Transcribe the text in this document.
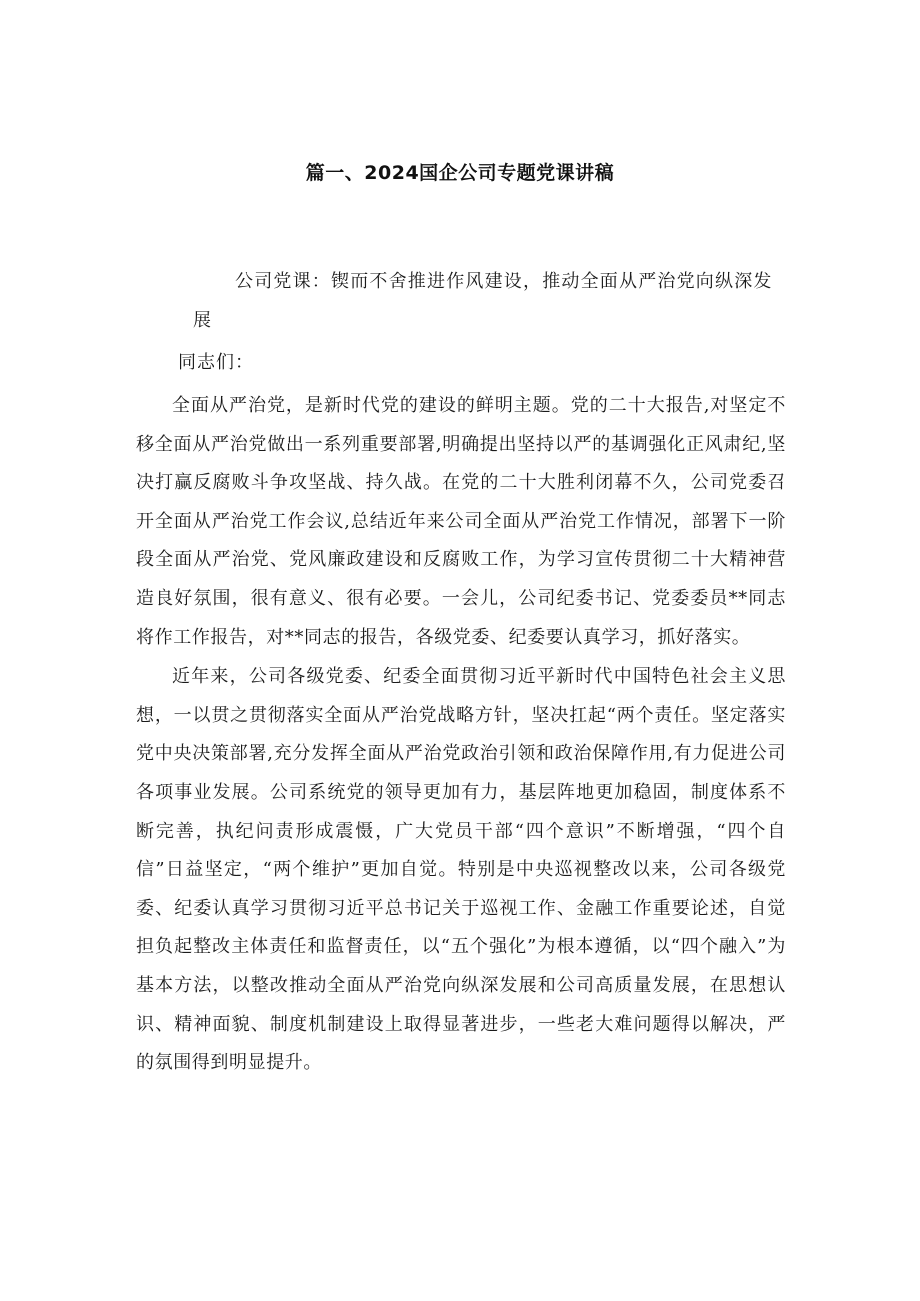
篇一、2024国企公司专题党课讲稿
公司党课：锲而不舍推进作风建设，推动全面从严治党向纵深发
展
同志们：

全面从严治党，是新时代党的建设的鲜明主题。党的二十大报告,对坚定不移全面从严治党做出一系列重要部署,明确提出坚持以严的基调强化正风肃纪,坚决打赢反腐败斗争攻坚战、持久战。在党的二十大胜利闭幕不久，公司党委召开全面从严治党工作会议,总结近年来公司全面从严治党工作情况，部署下一阶段全面从严治党、党风廉政建设和反腐败工作，为学习宣传贯彻二十大精神营造良好氛围，很有意义、很有必要。一会儿，公司纪委书记、党委委员**同志将作工作报告，对**同志的报告，各级党委、纪委要认真学习，抓好落实。

近年来，公司各级党委、纪委全面贯彻习近平新时代中国特色社会主义思想，一以贯之贯彻落实全面从严治党战略方针，坚决扛起“两个责任。坚定落实党中央决策部署,充分发挥全面从严治党政治引领和政治保障作用,有力促进公司各项事业发展。公司系统党的领导更加有力，基层阵地更加稳固，制度体系不断完善，执纪问责形成震慑，广大党员干部“四个意识”不断增强，“四个自信”日益坚定，“两个维护”更加自觉。特别是中央巡视整改以来，公司各级党委、纪委认真学习贯彻习近平总书记关于巡视工作、金融工作重要论述，自觉担负起整改主体责任和监督责任，以“五个强化”为根本遵循，以“四个融入”为基本方法，以整改推动全面从严治党向纵深发展和公司高质量发展，在思想认识、精神面貌、制度机制建设上取得显著进步，一些老大难问题得以解决，严的氛围得到明显提升。
